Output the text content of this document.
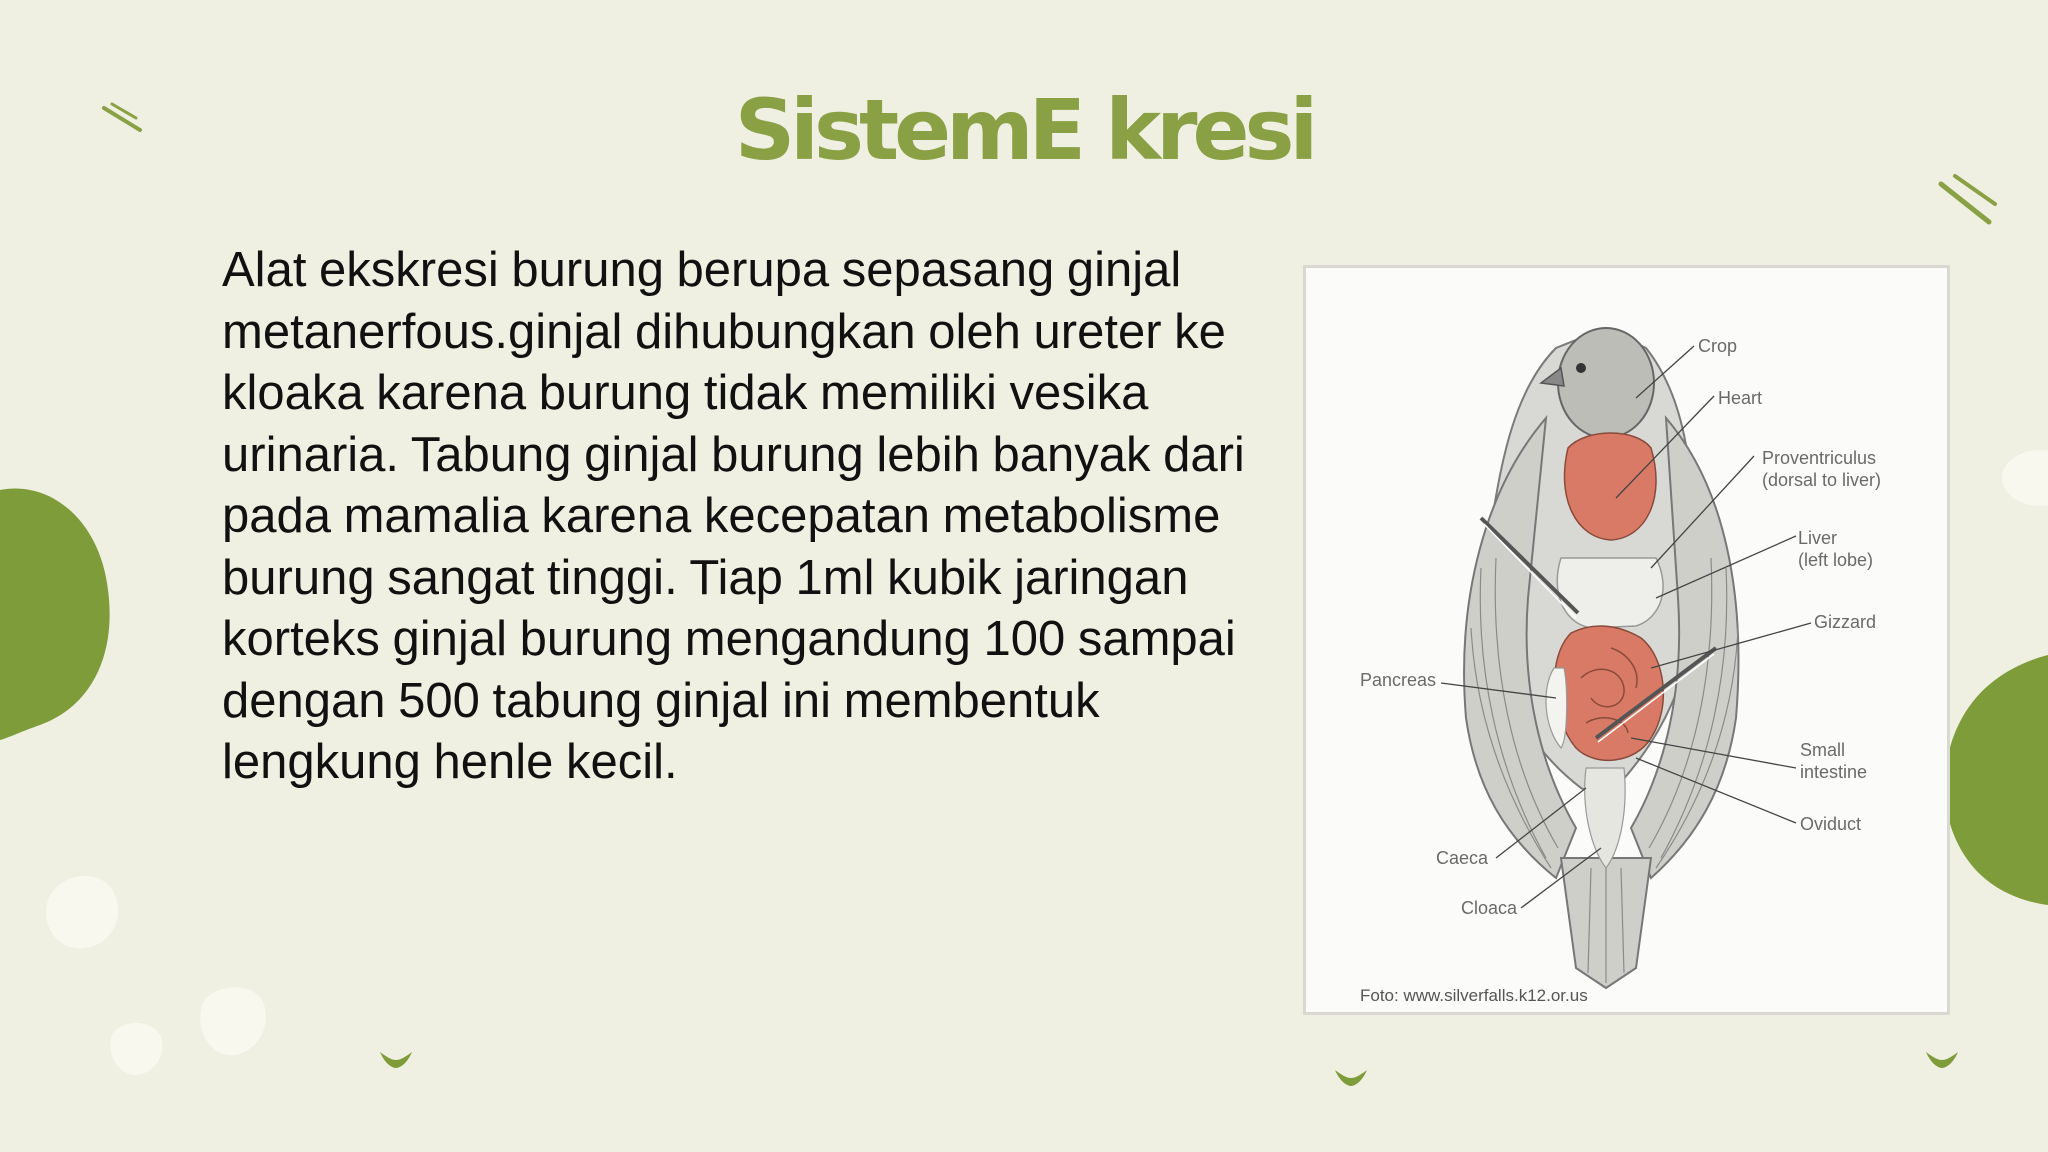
SistemE kresi
Alat ekskresi burung berupa sepasang ginjal metanerfous.ginjal dihubungkan oleh ureter ke kloaka karena burung tidak memiliki vesika urinaria. Tabung ginjal burung lebih banyak dari pada mamalia karena kecepatan metabolisme burung sangat tinggi. Tiap 1ml kubik jaringan korteks ginjal burung mengandung 100 sampai dengan 500 tabung ginjal ini membentuk lengkung henle kecil.
Crop
Heart
Proventriculus
(dorsal to liver)
Liver
(left lobe)
Gizzard
Pancreas
Small
intestine
Oviduct
Caeca
Cloaca
Foto: www.silverfalls.k12.or.us
